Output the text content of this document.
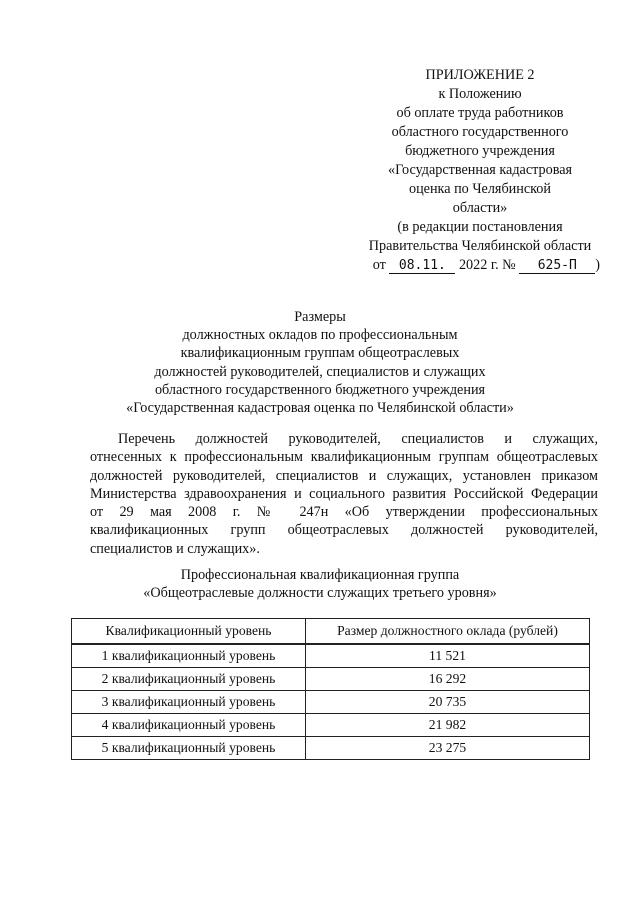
ПРИЛОЖЕНИЕ 2
к Положению
об оплате труда работников
областного государственного
бюджетного учреждения
«Государственная кадастровая
оценка по Челябинской
области»
(в редакции постановления
Правительства Челябинской области
от 08.11. 2022 г. № 625-П )
Размеры
должностных окладов по профессиональным
квалификационным группам общеотраслевых
должностей руководителей, специалистов и служащих
областного государственного бюджетного учреждения
«Государственная кадастровая оценка по Челябинской области»
Перечень должностей руководителей, специалистов и служащих,
отнесенных к профессиональным квалификационным группам общеотраслевых
должностей руководителей, специалистов и служащих, установлен приказом
Министерства здравоохранения и социального развития Российской Федерации
от 29 мая 2008 г. № 247н «Об утверждении профессиональных
квалификационных групп общеотраслевых должностей руководителей,
специалистов и служащих».
Профессиональная квалификационная группа
«Общеотраслевые должности служащих третьего уровня»
Квалификационный уровень	Размер должностного оклада (рублей)
1 квалификационный уровень	11 521
2 квалификационный уровень	16 292
3 квалификационный уровень	20 735
4 квалификационный уровень	21 982
5 квалификационный уровень	23 275
